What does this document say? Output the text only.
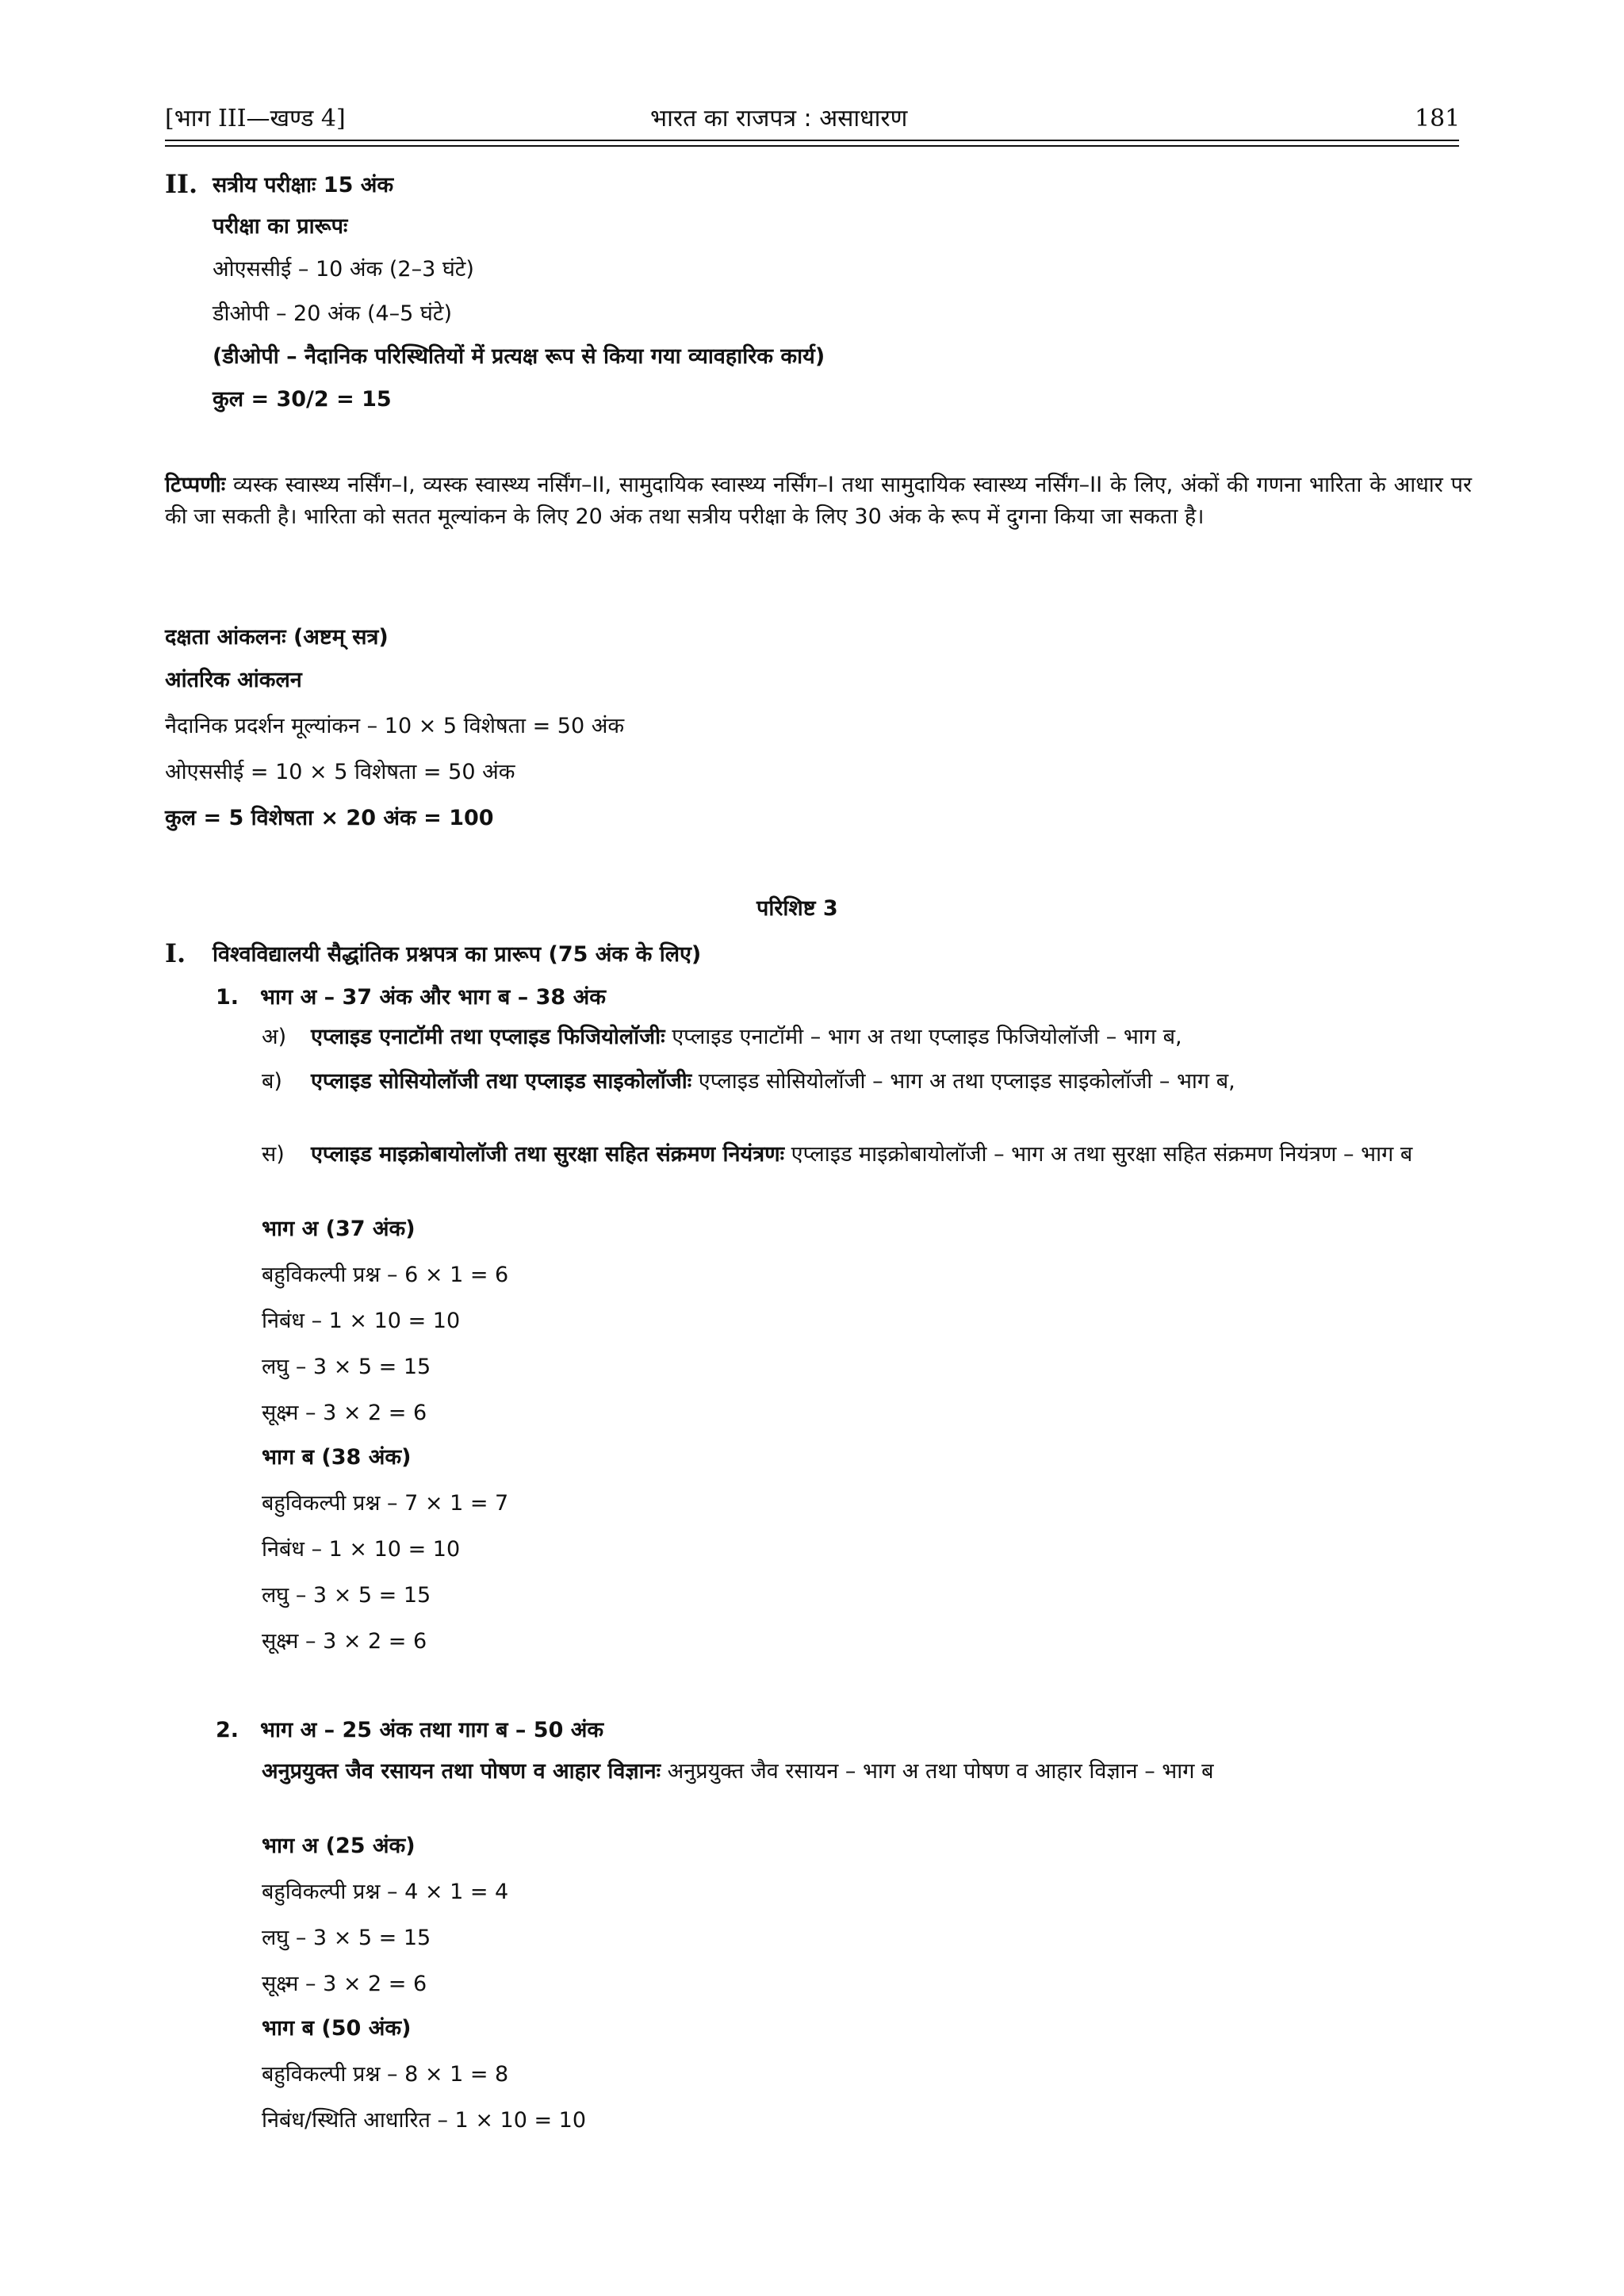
[भाग III—खण्ड 4]	भारत का राजपत्र : असाधारण	181
II. सत्रीय परीक्षाः 15 अंक
परीक्षा का प्रारूपः
ओएससीई – 10 अंक (2–3 घंटे)
डीओपी – 20 अंक (4–5 घंटे)
(डीओपी – नैदानिक परिस्थितियों में प्रत्यक्ष रूप से किया गया व्यावहारिक कार्य)
कुल = 30/2 = 15
टिप्पणीः व्यस्क स्वास्थ्य नर्सिंग–I, व्यस्क स्वास्थ्य नर्सिंग–II, सामुदायिक स्वास्थ्य नर्सिंग–I तथा सामुदायिक स्वास्थ्य नर्सिंग–II के लिए, अंकों की गणना भारिता के आधार पर की जा सकती है। भारिता को सतत मूल्यांकन के लिए 20 अंक तथा सत्रीय परीक्षा के लिए 30 अंक के रूप में दुगना किया जा सकता है।
दक्षता आंकलनः (अष्टम् सत्र)
आंतरिक आंकलन
नैदानिक प्रदर्शन मूल्यांकन – 10 × 5 विशेषता = 50 अंक
ओएससीई = 10 × 5 विशेषता = 50 अंक
कुल = 5 विशेषता × 20 अंक = 100
परिशिष्ट 3
I. विश्वविद्यालयी सैद्धांतिक प्रश्नपत्र का प्रारूप (75 अंक के लिए)
1. भाग अ – 37 अंक और भाग ब – 38 अंक
अ) एप्लाइड एनाटॉमी तथा एप्लाइड फिजियोलॉजीः एप्लाइड एनाटॉमी – भाग अ तथा एप्लाइड फिजियोलॉजी – भाग ब,
ब) एप्लाइड सोसियोलॉजी तथा एप्लाइड साइकोलॉजीः एप्लाइड सोसियोलॉजी – भाग अ तथा एप्लाइड साइकोलॉजी – भाग ब,
स) एप्लाइड माइक्रोबायोलॉजी तथा सुरक्षा सहित संक्रमण नियंत्रणः एप्लाइड माइक्रोबायोलॉजी – भाग अ तथा सुरक्षा सहित संक्रमण नियंत्रण – भाग ब
भाग अ (37 अंक)
बहुविकल्पी प्रश्न – 6 × 1 = 6
निबंध – 1 × 10 = 10
लघु – 3 × 5 = 15
सूक्ष्म – 3 × 2 = 6
भाग ब (38 अंक)
बहुविकल्पी प्रश्न – 7 × 1 = 7
निबंध – 1 × 10 = 10
लघु – 3 × 5 = 15
सूक्ष्म – 3 × 2 = 6
2. भाग अ – 25 अंक तथा गाग ब – 50 अंक
अनुप्रयुक्त जैव रसायन तथा पोषण व आहार विज्ञानः अनुप्रयुक्त जैव रसायन – भाग अ तथा पोषण व आहार विज्ञान – भाग ब
भाग अ (25 अंक)
बहुविकल्पी प्रश्न – 4 × 1 = 4
लघु – 3 × 5 = 15
सूक्ष्म – 3 × 2 = 6
भाग ब (50 अंक)
बहुविकल्पी प्रश्न – 8 × 1 = 8
निबंध/स्थिति आधारित – 1 × 10 = 10
